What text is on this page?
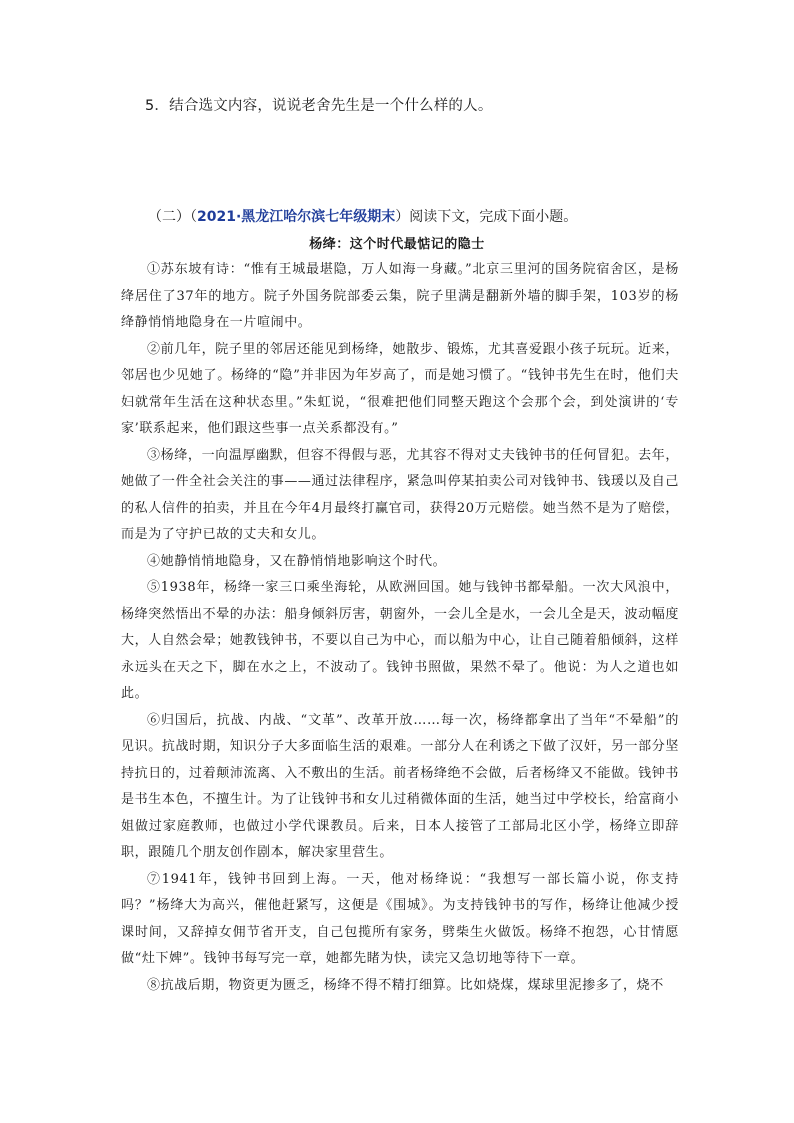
5．结合选文内容，说说老舍先生是一个什么样的人。
（二）（2021·黑龙江哈尔滨七年级期末）阅读下文，完成下面小题。
杨绛：这个时代最惦记的隐士

①苏东坡有诗：“惟有王城最堪隐，万人如海一身藏。”北京三里河的国务院宿舍区，是杨绛居住了37年的地方。院子外国务院部委云集，院子里满是翻新外墙的脚手架，103岁的杨绛静悄悄地隐身在一片喧闹中。

②前几年，院子里的邻居还能见到杨绛，她散步、锻炼，尤其喜爱跟小孩子玩玩。近来，邻居也少见她了。杨绛的“隐”并非因为年岁高了，而是她习惯了。“钱钟书先生在时，他们夫妇就常年生活在这种状态里。”朱虹说，“很难把他们同整天跑这个会那个会，到处演讲的‘专家’联系起来，他们跟这些事一点关系都没有。”

③杨绛，一向温厚幽默，但容不得假与恶，尤其容不得对丈夫钱钟书的任何冒犯。去年，她做了一件全社会关注的事——通过法律程序，紧急叫停某拍卖公司对钱钟书、钱瑗以及自己的私人信件的拍卖，并且在今年4月最终打赢官司，获得20万元赔偿。她当然不是为了赔偿，而是为了守护已故的丈夫和女儿。

④她静悄悄地隐身，又在静悄悄地影响这个时代。

⑤1938年，杨绛一家三口乘坐海轮，从欧洲回国。她与钱钟书都晕船。一次大风浪中，杨绛突然悟出不晕的办法：船身倾斜厉害，朝窗外，一会儿全是水，一会儿全是天，波动幅度大，人自然会晕；她教钱钟书，不要以自己为中心，而以船为中心，让自己随着船倾斜，这样永远头在天之下，脚在水之上，不波动了。钱钟书照做，果然不晕了。他说：为人之道也如此。

⑥归国后，抗战、内战、“文革”、改革开放……每一次，杨绛都拿出了当年“不晕船”的见识。抗战时期，知识分子大多面临生活的艰难。一部分人在利诱之下做了汉奸，另一部分坚持抗日的，过着颠沛流离、入不敷出的生活。前者杨绛绝不会做，后者杨绛又不能做。钱钟书是书生本色，不擅生计。为了让钱钟书和女儿过稍微体面的生活，她当过中学校长，给富商小姐做过家庭教师，也做过小学代课教员。后来，日本人接管了工部局北区小学，杨绛立即辞职，跟随几个朋友创作剧本，解决家里营生。

⑦1941年，钱钟书回到上海。一天，他对杨绛说：“我想写一部长篇小说，你支持吗？”杨绛大为高兴，催他赶紧写，这便是《围城》。为支持钱钟书的写作，杨绛让他减少授课时间，又辞掉女佣节省开支，自己包揽所有家务，劈柴生火做饭。杨绛不抱怨，心甘情愿做“灶下婢”。钱钟书每写完一章，她都先睹为快，读完又急切地等待下一章。

⑧抗战后期，物资更为匮乏，杨绛不得不精打细算。比如烧煤，煤球里泥掺多了，烧不
